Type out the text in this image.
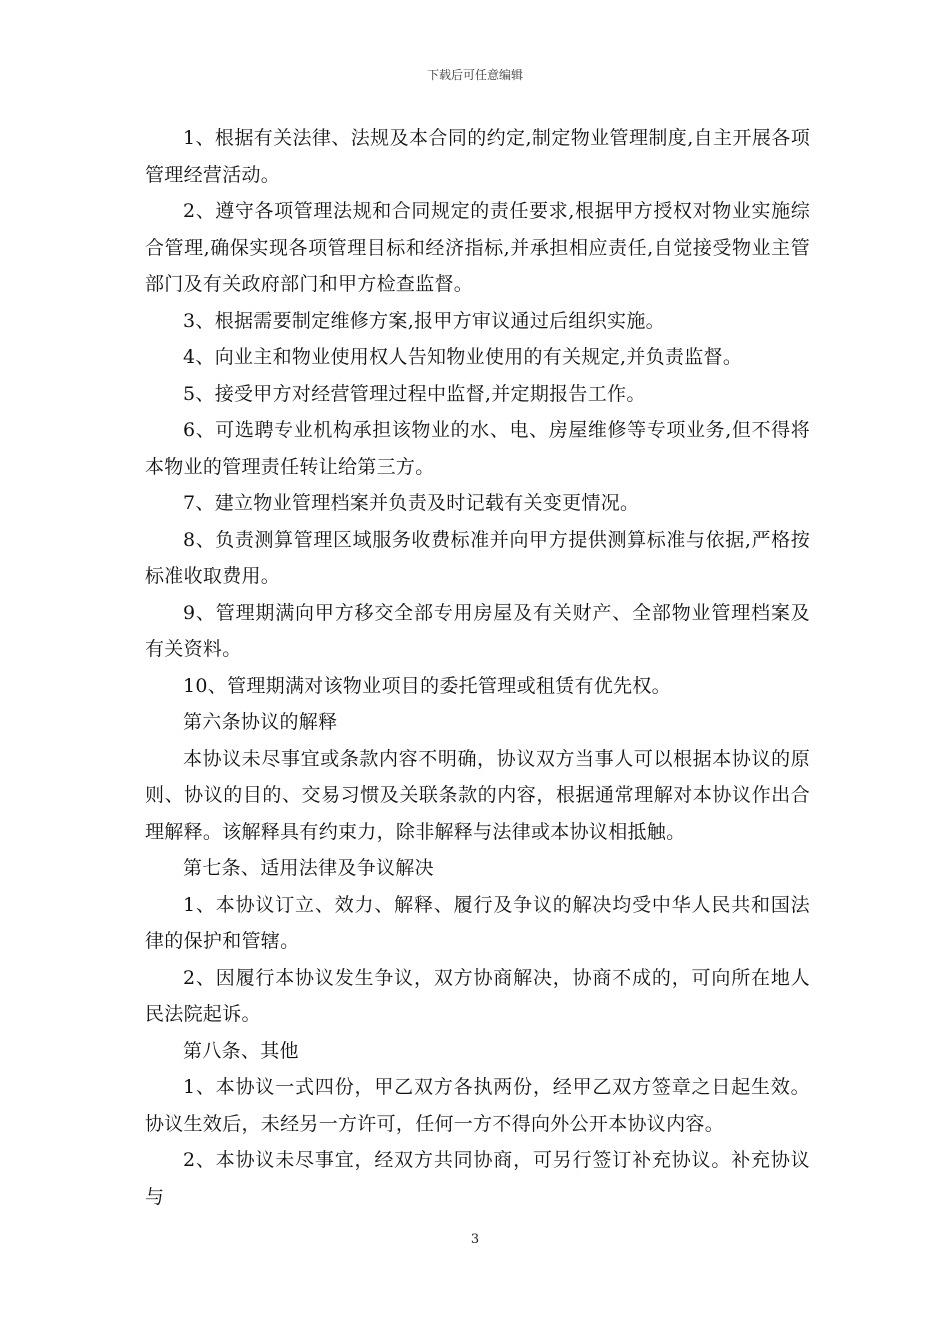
下载后可任意编辑

1、根据有关法律、法规及本合同的约定,制定物业管理制度,自主开展各项管理经营活动。

2、遵守各项管理法规和合同规定的责任要求,根据甲方授权对物业实施综合管理,确保实现各项管理目标和经济指标,并承担相应责任,自觉接受物业主管部门及有关政府部门和甲方检查监督。

3、根据需要制定维修方案,报甲方审议通过后组织实施。

4、向业主和物业使用权人告知物业使用的有关规定,并负责监督。

5、接受甲方对经营管理过程中监督,并定期报告工作。

6、可选聘专业机构承担该物业的水、电、房屋维修等专项业务,但不得将本物业的管理责任转让给第三方。

7、建立物业管理档案并负责及时记载有关变更情况。

8、负责测算管理区域服务收费标准并向甲方提供测算标准与依据,严格按标准收取费用。

9、管理期满向甲方移交全部专用房屋及有关财产、全部物业管理档案及有关资料。

10、管理期满对该物业项目的委托管理或租赁有优先权。

第六条协议的解释

本协议未尽事宜或条款内容不明确，协议双方当事人可以根据本协议的原则、协议的目的、交易习惯及关联条款的内容，根据通常理解对本协议作出合理解释。该解释具有约束力，除非解释与法律或本协议相抵触。

第七条、适用法律及争议解决

1、本协议订立、效力、解释、履行及争议的解决均受中华人民共和国法律的保护和管辖。

2、因履行本协议发生争议，双方协商解决，协商不成的，可向所在地人民法院起诉。

第八条、其他

1、本协议一式四份，甲乙双方各执两份，经甲乙双方签章之日起生效。协议生效后，未经另一方许可，任何一方不得向外公开本协议内容。

2、本协议未尽事宜，经双方共同协商，可另行签订补充协议。补充协议与

3
